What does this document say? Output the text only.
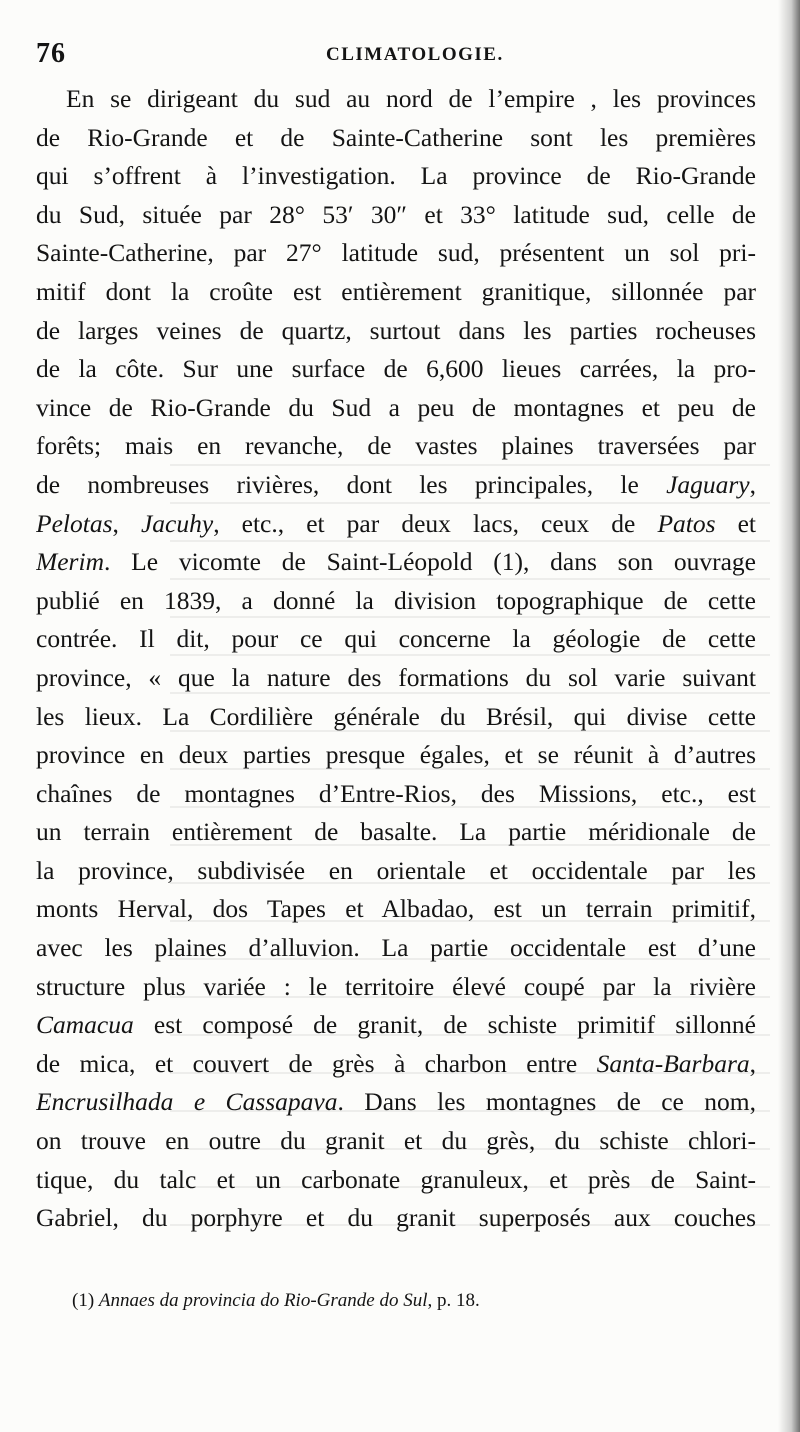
76	CLIMATOLOGIE.
En se dirigeant du sud au nord de l’empire , les provinces
de Rio-Grande et de Sainte-Catherine sont les premières
qui s’offrent à l’investigation. La province de Rio-Grande
du Sud, située par 28° 53′ 30″ et 33° latitude sud, celle de
Sainte-Catherine, par 27° latitude sud, présentent un sol pri-
mitif dont la croûte est entièrement granitique, sillonnée par
de larges veines de quartz, surtout dans les parties rocheuses
de la côte. Sur une surface de 6,600 lieues carrées, la pro-
vince de Rio-Grande du Sud a peu de montagnes et peu de
forêts; mais en revanche, de vastes plaines traversées par
de nombreuses rivières, dont les principales, le Jaguary,
Pelotas, Jacuhy, etc., et par deux lacs, ceux de Patos et
Merim. Le vicomte de Saint-Léopold (1), dans son ouvrage
publié en 1839, a donné la division topographique de cette
contrée. Il dit, pour ce qui concerne la géologie de cette
province, « que la nature des formations du sol varie suivant
les lieux. La Cordilière générale du Brésil, qui divise cette
province en deux parties presque égales, et se réunit à d’autres
chaînes de montagnes d’Entre-Rios, des Missions, etc., est
un terrain entièrement de basalte. La partie méridionale de
la province, subdivisée en orientale et occidentale par les
monts Herval, dos Tapes et Albadao, est un terrain primitif,
avec les plaines d’alluvion. La partie occidentale est d’une
structure plus variée : le territoire élevé coupé par la rivière
Camacua est composé de granit, de schiste primitif sillonné
de mica, et couvert de grès à charbon entre Santa-Barbara,
Encrusilhada e Cassapava. Dans les montagnes de ce nom,
on trouve en outre du granit et du grès, du schiste chlori-
tique, du talc et un carbonate granuleux, et près de Saint-
Gabriel, du porphyre et du granit superposés aux couches
(1) Annaes da provincia do Rio-Grande do Sul, p. 18.
